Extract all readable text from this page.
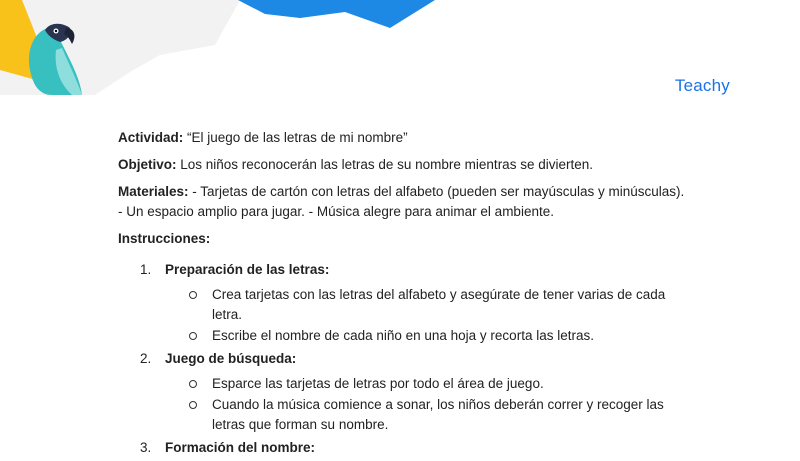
Teachy

Actividad: “El juego de las letras de mi nombre”

Objetivo: Los niños reconocerán las letras de su nombre mientras se divierten.

Materiales: - Tarjetas de cartón con letras del alfabeto (pueden ser mayúsculas y minúsculas). - Un espacio amplio para jugar. - Música alegre para animar el ambiente.

Instrucciones:

1. Preparación de las letras:
Crea tarjetas con las letras del alfabeto y asegúrate de tener varias de cada letra.
Escribe el nombre de cada niño en una hoja y recorta las letras.
2. Juego de búsqueda:
Esparce las tarjetas de letras por todo el área de juego.
Cuando la música comience a sonar, los niños deberán correr y recoger las letras que forman su nombre.
3. Formación del nombre:
